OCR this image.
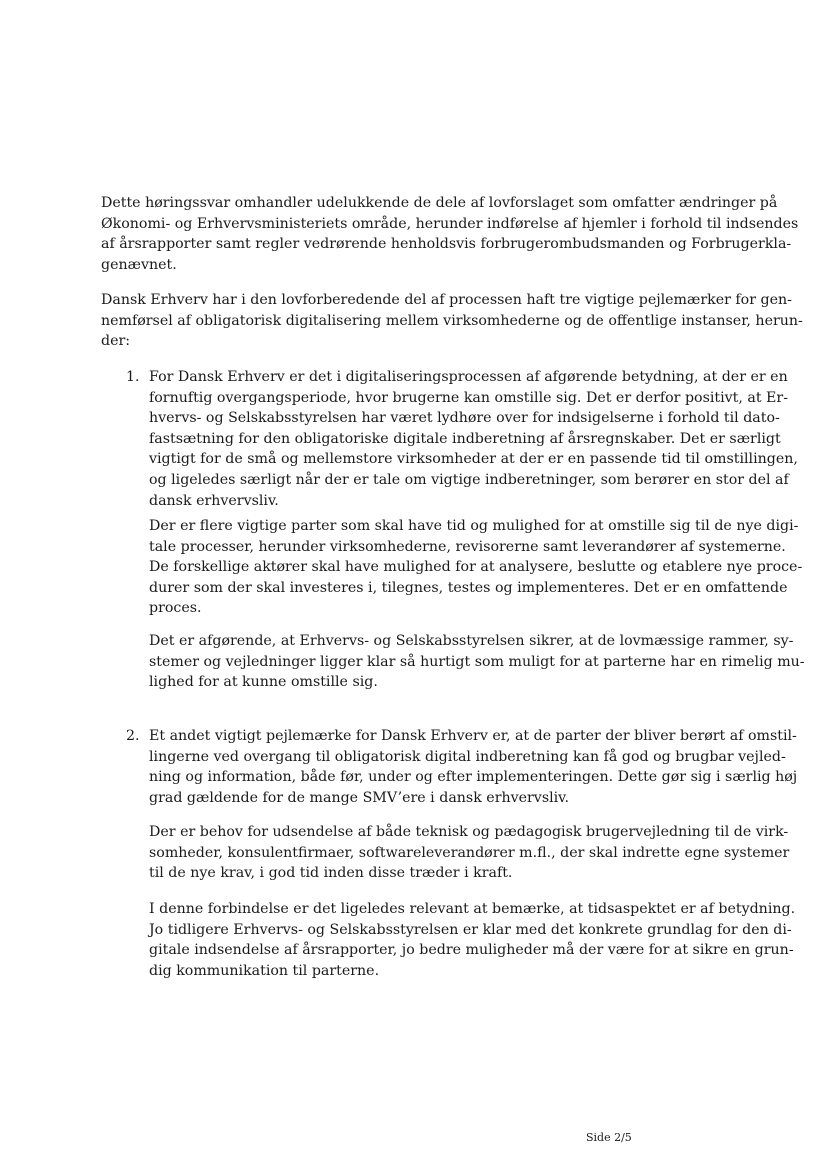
Dette høringssvar omhandler udelukkende de dele af lovforslaget som omfatter ændringer på
Økonomi- og Erhvervsministeriets område, herunder indførelse af hjemler i forhold til indsendes
af årsrapporter samt regler vedrørende henholdsvis forbrugerombudsmanden og Forbrugerkla-
genævnet.
Dansk Erhverv har i den lovforberedende del af processen haft tre vigtige pejlemærker for gen-
nemførsel af obligatorisk digitalisering mellem virksomhederne og de offentlige instanser, herun-
der:
1. For Dansk Erhverv er det i digitaliseringsprocessen af afgørende betydning, at der er en
fornuftig overgangsperiode, hvor brugerne kan omstille sig. Det er derfor positivt, at Er-
hvervs- og Selskabsstyrelsen har været lydhøre over for indsigelserne i forhold til dato-
fastsætning for den obligatoriske digitale indberetning af årsregnskaber. Det er særligt
vigtigt for de små og mellemstore virksomheder at der er en passende tid til omstillingen,
og ligeledes særligt når der er tale om vigtige indberetninger, som berører en stor del af
dansk erhvervsliv.
Der er flere vigtige parter som skal have tid og mulighed for at omstille sig til de nye digi-
tale processer, herunder virksomhederne, revisorerne samt leverandører af systemerne.
De forskellige aktører skal have mulighed for at analysere, beslutte og etablere nye proce-
durer som der skal investeres i, tilegnes, testes og implementeres. Det er en omfattende
proces.
Det er afgørende, at Erhvervs- og Selskabsstyrelsen sikrer, at de lovmæssige rammer, sy-
stemer og vejledninger ligger klar så hurtigt som muligt for at parterne har en rimelig mu-
lighed for at kunne omstille sig.
2. Et andet vigtigt pejlemærke for Dansk Erhverv er, at de parter der bliver berørt af omstil-
lingerne ved overgang til obligatorisk digital indberetning kan få god og brugbar vejled-
ning og information, både før, under og efter implementeringen. Dette gør sig i særlig høj
grad gældende for de mange SMV’ere i dansk erhvervsliv.
Der er behov for udsendelse af både teknisk og pædagogisk brugervejledning til de virk-
somheder, konsulentfirmaer, softwareleverandører m.fl., der skal indrette egne systemer
til de nye krav, i god tid inden disse træder i kraft.
I denne forbindelse er det ligeledes relevant at bemærke, at tidsaspektet er af betydning.
Jo tidligere Erhvervs- og Selskabsstyrelsen er klar med det konkrete grundlag for den di-
gitale indsendelse af årsrapporter, jo bedre muligheder må der være for at sikre en grun-
dig kommunikation til parterne.
Side 2/5
